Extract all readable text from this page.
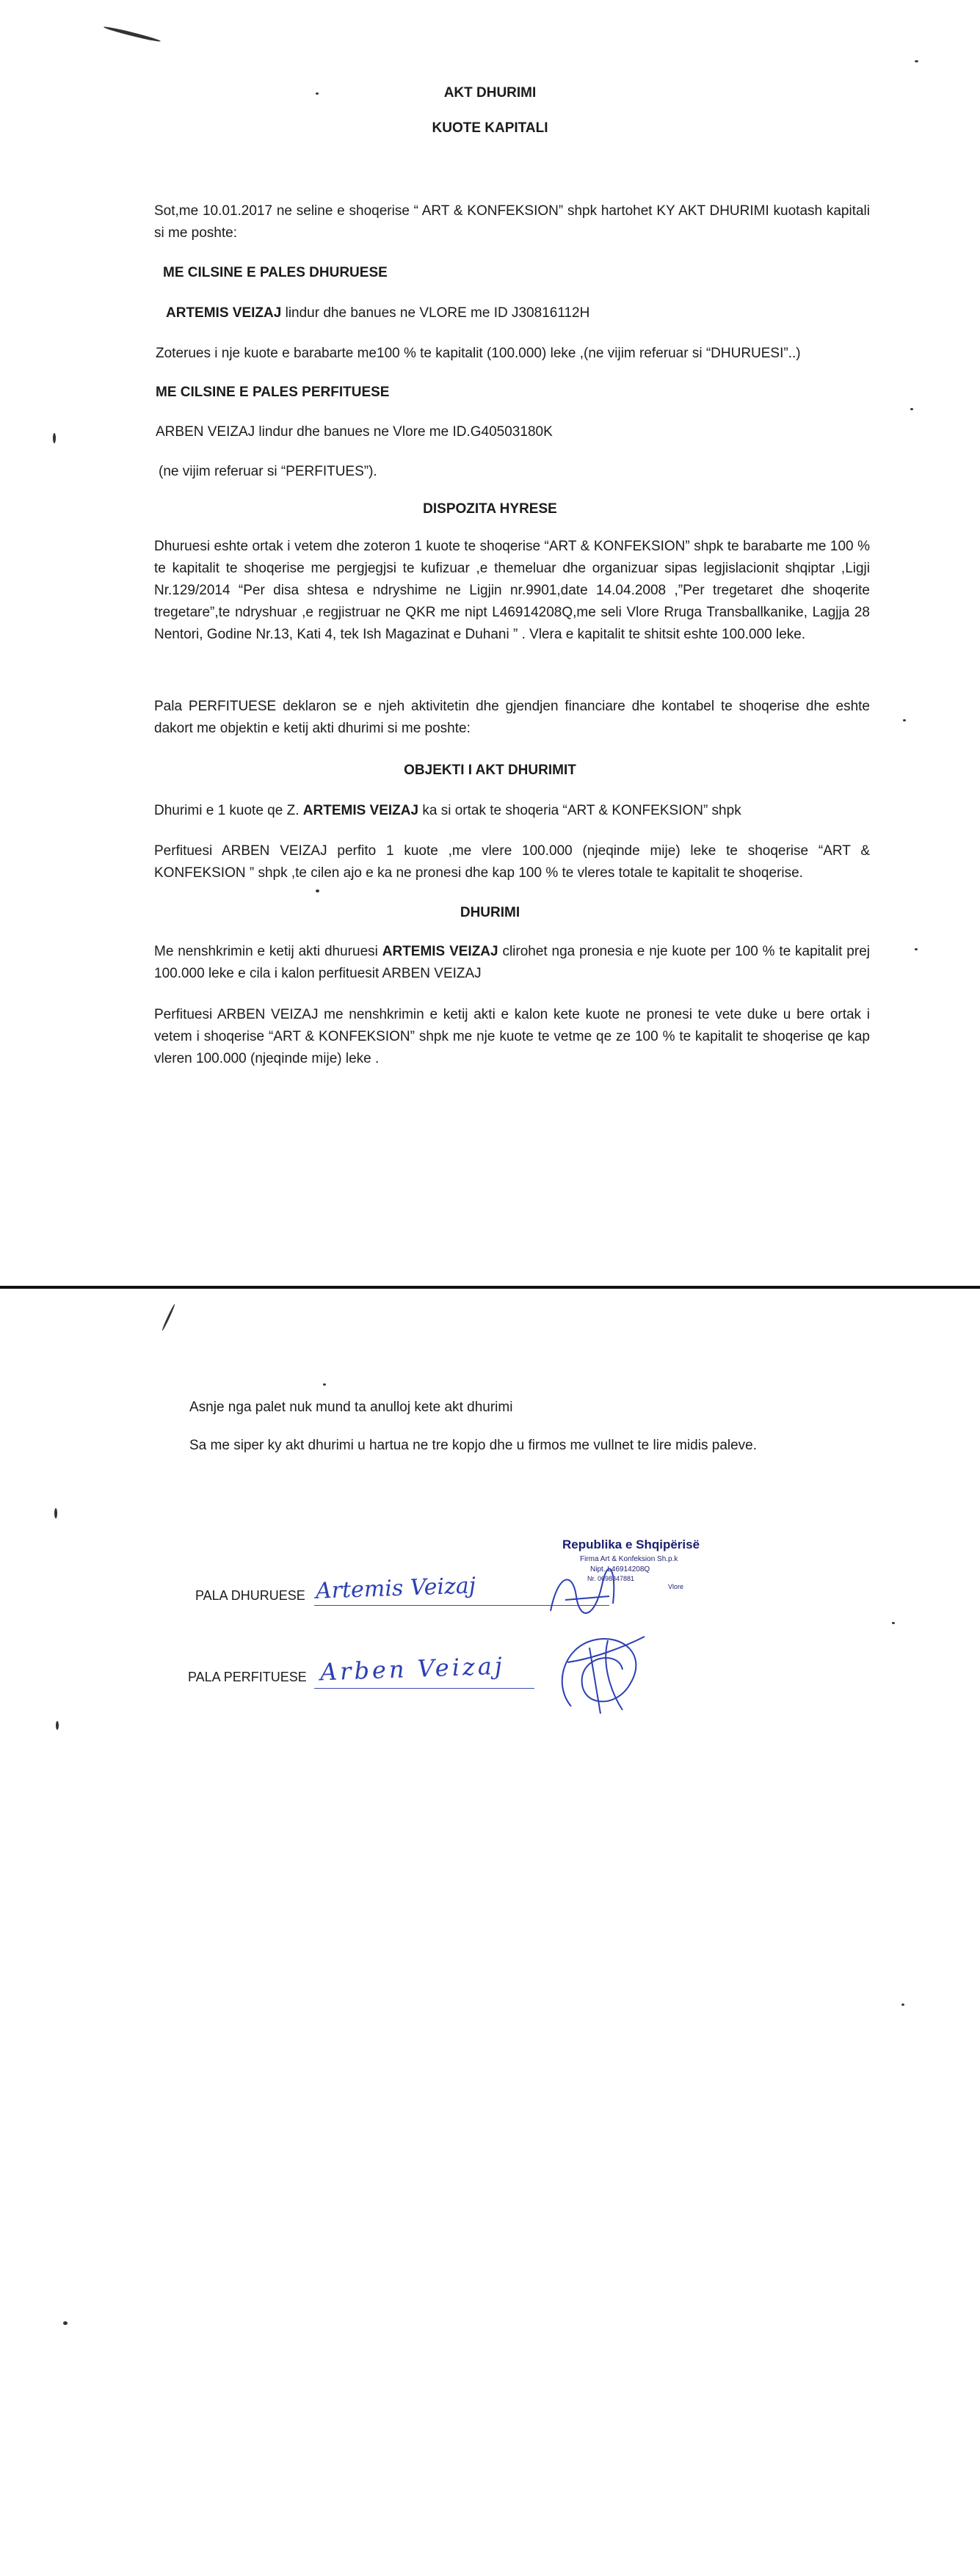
AKT DHURIMI
KUOTE KAPITALI
Sot,me 10.01.2017 ne seline e shoqerise “ ART & KONFEKSION” shpk hartohet KY AKT DHURIMI kuotash kapitali si me poshte:
ME CILSINE E PALES DHURUESE
ARTEMIS VEIZAJ lindur dhe banues ne VLORE me ID J30816112H
Zoterues i nje kuote e barabarte me100 % te kapitalit (100.000) leke ,(ne vijim referuar si “DHURUESI”..)
ME CILSINE E PALES PERFITUESE
ARBEN VEIZAJ lindur dhe banues ne Vlore me ID.G40503180K
(ne vijim referuar si “PERFITUES”).
DISPOZITA HYRESE
Dhuruesi eshte ortak i vetem dhe zoteron 1 kuote te shoqerise “ART & KONFEKSION” shpk te barabarte me 100 % te kapitalit te shoqerise me pergjegjsi te kufizuar ,e themeluar dhe organizuar sipas legjislacionit shqiptar ,Ligji Nr.129/2014 “Per disa shtesa e ndryshime ne Ligjin nr.9901,date 14.04.2008 ,”Per tregetaret dhe shoqerite tregetare”,te ndryshuar ,e regjistruar ne QKR me nipt L46914208Q,me seli Vlore Rruga Transballkanike, Lagjja 28 Nentori, Godine Nr.13, Kati 4, tek Ish Magazinat e Duhani ” . Vlera e kapitalit te shitsit eshte 100.000 leke.
Pala PERFITUESE deklaron se e njeh aktivitetin dhe gjendjen financiare dhe kontabel te shoqerise dhe eshte dakort me objektin e ketij akti dhurimi si me poshte:
OBJEKTI I AKT DHURIMIT
Dhurimi e 1 kuote qe Z. ARTEMIS VEIZAJ ka si ortak te shoqeria “ART & KONFEKSION” shpk
Perfituesi ARBEN VEIZAJ perfito 1 kuote ,me vlere 100.000 (njeqinde mije) leke te shoqerise “ART & KONFEKSION ” shpk ,te cilen ajo e ka ne pronesi dhe kap 100 % te vleres totale te kapitalit te shoqerise.
DHURIMI
Me nenshkrimin e ketij akti dhuruesi ARTEMIS VEIZAJ clirohet nga pronesia e nje kuote per 100 % te kapitalit prej 100.000 leke e cila i kalon perfituesit ARBEN VEIZAJ
Perfituesi ARBEN VEIZAJ me nenshkrimin e ketij akti e kalon kete kuote ne pronesi te vete duke u bere ortak i vetem i shoqerise “ART & KONFEKSION” shpk me nje kuote te vetme qe ze 100 % te kapitalit te shoqerise qe kap vleren 100.000 (njeqinde mije) leke .
Asnje nga palet nuk mund ta anulloj kete akt dhurimi
Sa me siper ky akt dhurimi u hartua ne tre kopjo dhe u firmos me vullnet te lire midis paleve.
PALA DHURUESE Artemis Veizaj
PALA PERFITUESE Arben Veizaj
Republika e Shqipërisë
Firma Art & Konfeksion Sh.p.k
Nipt. L46914208Q
Nr. 0698847881
Vlore
